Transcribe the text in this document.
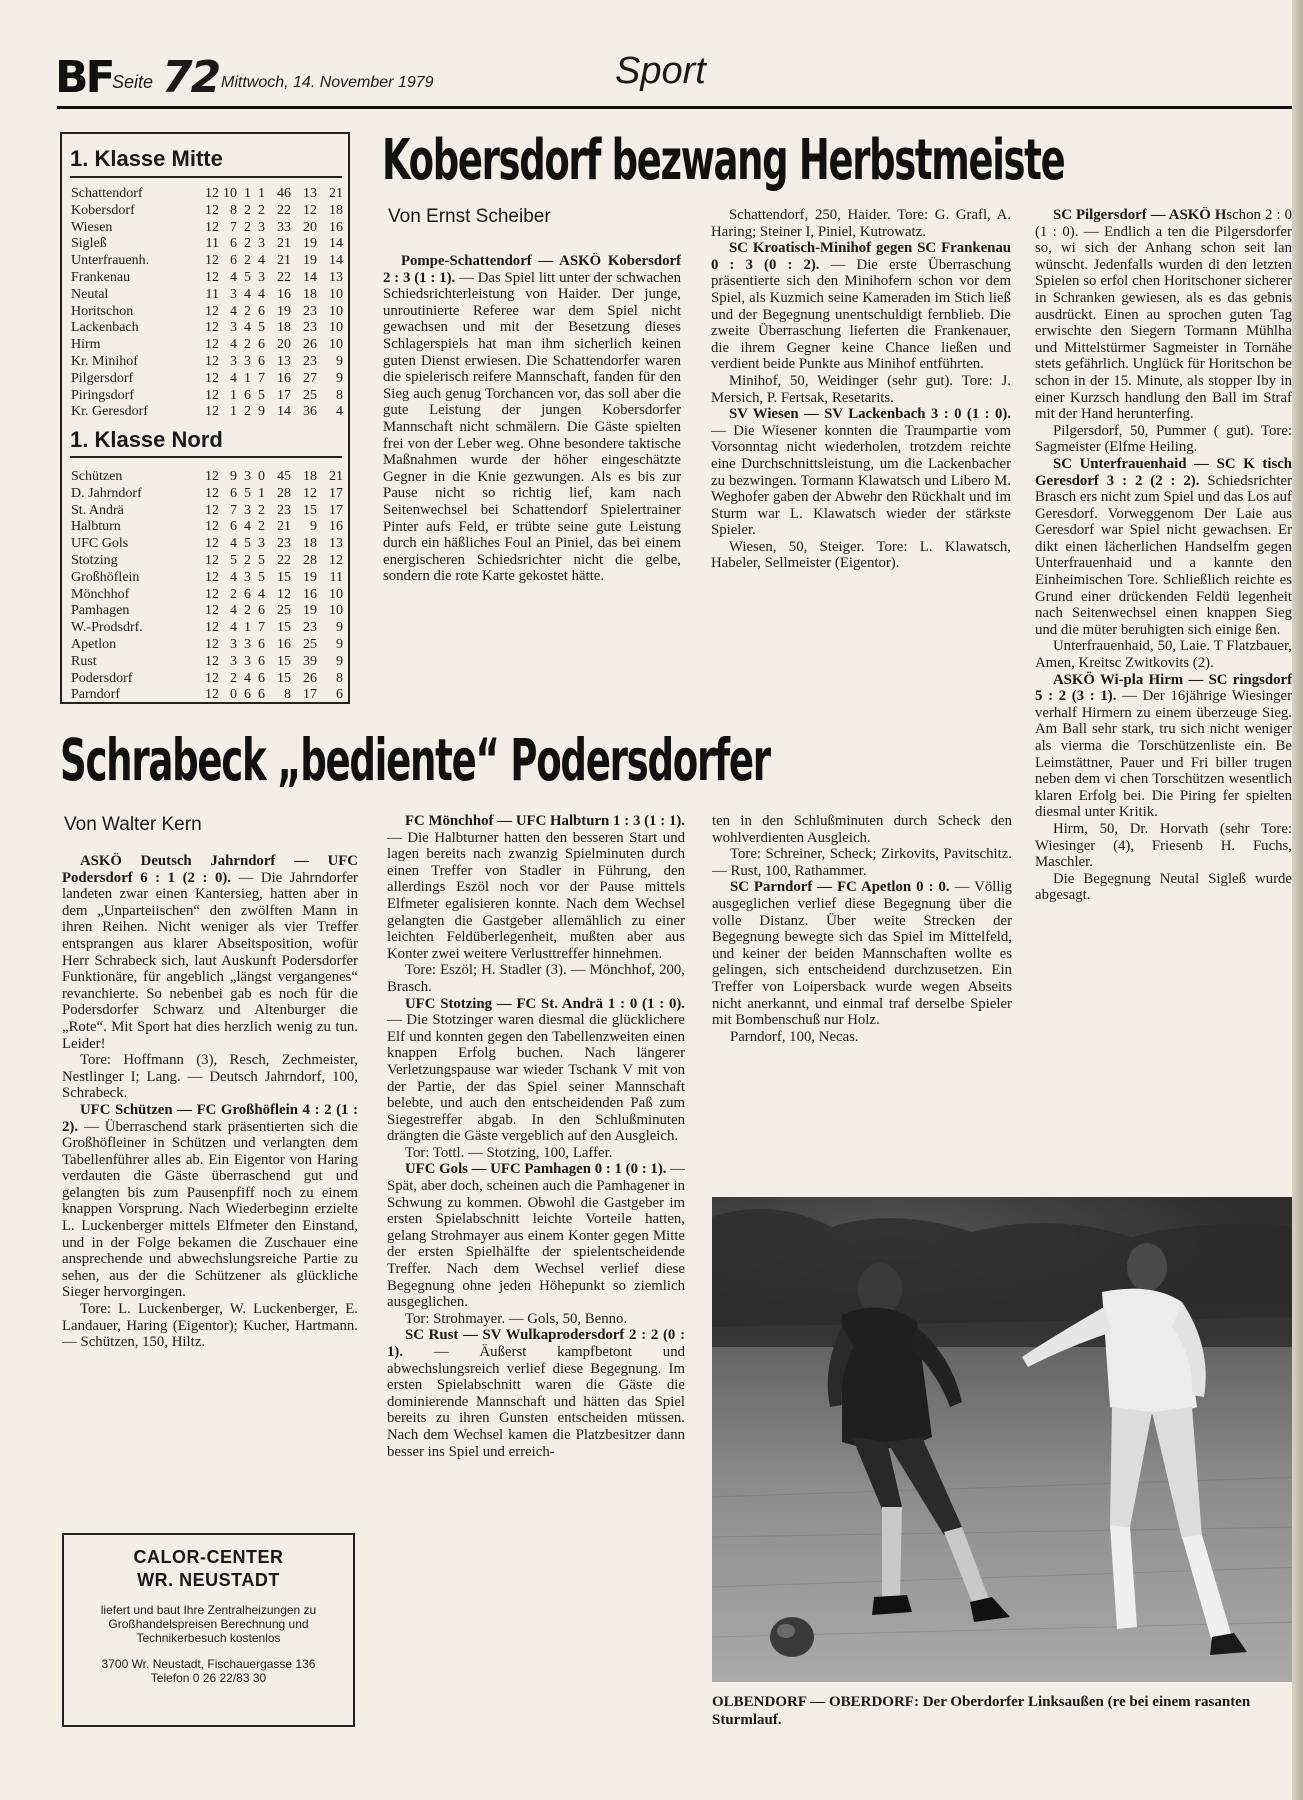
BF Seite 72 Mittwoch, 14. November 1979	Sport
1. Klasse Mitte
Schattendorf	12	10	1	1	46	13	21
Kobersdorf	12	8	2	2	22	12	18
Wiesen	12	7	2	3	33	20	16
Sigleß	11	6	2	3	21	19	14
Unterfrauenh.	12	6	2	4	21	19	14
Frankenau	12	4	5	3	22	14	13
Neutal	11	3	4	4	16	18	10
Horitschon	12	4	2	6	19	23	10
Lackenbach	12	3	4	5	18	23	10
Hirm	12	4	2	6	20	26	10
Kr. Minihof	12	3	3	6	13	23	9
Pilgersdorf	12	4	1	7	16	27	9
Piringsdorf	12	1	6	5	17	25	8
Kr. Geresdorf	12	1	2	9	14	36	4
1. Klasse Nord
Schützen	12	9	3	0	45	18	21
D. Jahrndorf	12	6	5	1	28	12	17
St. Andrä	12	7	3	2	23	15	17
Halbturn	12	6	4	2	21	9	16
UFC Gols	12	4	5	3	23	18	13
Stotzing	12	5	2	5	22	28	12
Großhöflein	12	4	3	5	15	19	11
Mönchhof	12	2	6	4	12	16	10
Pamhagen	12	4	2	6	25	19	10
W.-Prodsdrf.	12	4	1	7	15	23	9
Apetlon	12	3	3	6	16	25	9
Rust	12	3	3	6	15	39	9
Podersdorf	12	2	4	6	15	26	8
Parndorf	12	0	6	6	8	17	6
Kobersdorf bezwang Herbstmeiste
Von Ernst Scheiber

Pompe-Schattendorf — ASKÖ Kobersdorf 2 : 3 (1 : 1). — Das Spiel litt unter der schwachen Schiedsrichterleistung von Haider. Der junge, unroutinierte Referee war dem Spiel nicht gewachsen und mit der Besetzung dieses Schlagerspiels hat man ihm sicherlich keinen guten Dienst erwiesen. Die Schattendorfer waren die spielerisch reifere Mannschaft, fanden für den Sieg auch genug Torchancen vor, das soll aber die gute Leistung der jungen Kobersdorfer Mannschaft nicht schmälern. Die Gäste spielten frei von der Leber weg. Ohne besondere taktische Maßnahmen wurde der höher eingeschätzte Gegner in die Knie gezwungen. Als es bis zur Pause nicht so richtig lief, kam nach Seitenwechsel bei Schattendorf Spielertrainer Pinter aufs Feld, er trübte seine gute Leistung durch ein häßliches Foul an Piniel, das bei einem energischeren Schiedsrichter nicht die gelbe, sondern die rote Karte gekostet hätte.

Schattendorf, 250, Haider. Tore: G. Grafl, A. Haring; Steiner I, Piniel, Kutrowatz.

SC Kroatisch-Minihof gegen SC Frankenau 0 : 3 (0 : 2). — Die erste Überraschung präsentierte sich den Minihofern schon vor dem Spiel, als Kuzmich seine Kameraden im Stich ließ und der Begegnung unentschuldigt fernblieb. Die zweite Überraschung lieferten die Frankenauer, die ihrem Gegner keine Chance ließen und verdient beide Punkte aus Minihof entführten.

Minihof, 50, Weidinger (sehr gut). Tore: J. Mersich, P. Fertsak, Resetarits.

SV Wiesen — SV Lackenbach 3 : 0 (1 : 0). — Die Wiesener konnten die Traumpartie vom Vorsonntag nicht wiederholen, trotzdem reichte eine Durchschnittsleistung, um die Lackenbacher zu bezwingen. Tormann Klawatsch und Libero M. Weghofer gaben der Abwehr den Rückhalt und im Sturm war L. Klawatsch wieder der stärkste Spieler.

Wiesen, 50, Steiger. Tore: L. Klawatsch, Habeler, Sellmeister (Eigentor).

SC Pilgersdorf — ASKÖ Hschon 2 : 0 (1 : 0). — Endlich a ten die Pilgersdorfer so, wi sich der Anhang schon seit lan wünscht. Jedenfalls wurden di den letzten Spielen so erfol chen Horitschoner sicherer in Schranken gewiesen, als es das gebnis ausdrückt. Einen au sprochen guten Tag erwischte den Siegern Tormann Mühlha und Mittelstürmer Sagmeister in Tornähe stets gefährlich. Unglück für Horitschon be schon in der 15. Minute, als stopper Iby in einer Kurzsch handlung den Ball im Straf mit der Hand herunterfing.

Pilgersdorf, 50, Pummer ( gut). Tore: Sagmeister (Elfme Heiling.

SC Unterfrauenhaid — SC K tisch Geresdorf 3 : 2 (2 : 2). Schiedsrichter Brasch ers nicht zum Spiel und das Los auf Geresdorf. Vorweggenom Der Laie aus Geresdorf war Spiel nicht gewachsen. Er dikt einen lächerlichen Handselfm gegen Unterfrauenhaid und a kannte den Einheimischen Tore. Schließlich reichte es Grund einer drückenden Feldü legenheit nach Seitenwechsel einen knappen Sieg und die müter beruhigten sich einige ßen.

Unterfrauenhaid, 50, Laie. T Flatzbauer, Amen, Kreitsc Zwitkovits (2).

ASKÖ Wi-pla Hirm — SC ringsdorf 5 : 2 (3 : 1). — Der 16jährige Wiesinger verhalf Hirmern zu einem überzeuge Sieg. Am Ball sehr stark, tru sich nicht weniger als vierma die Torschützenliste ein. Be Leimstättner, Pauer und Fri biller trugen neben dem vi chen Torschützen wesentlich klaren Erfolg bei. Die Piring fer spielten diesmal unter Kritik.

Hirm, 50, Dr. Horvath (sehr Tore: Wiesinger (4), Friesenb H. Fuchs, Maschler.

Die Begegnung Neutal Sigleß wurde abgesagt.

Schrabeck „bediente“ Podersdorfer
Von Walter Kern

ASKÖ Deutsch Jahrndorf — UFC Podersdorf 6 : 1 (2 : 0). — Die Jahrndorfer landeten zwar einen Kantersieg, hatten aber in dem „Unparteiischen“ den zwölften Mann in ihren Reihen. Nicht weniger als vier Treffer entsprangen aus klarer Abseitsposition, wofür Herr Schrabeck sich, laut Auskunft Podersdorfer Funktionäre, für angeblich „längst vergangenes“ revanchierte. So nebenbei gab es noch für die Podersdorfer Schwarz und Altenburger die „Rote“. Mit Sport hat dies herzlich wenig zu tun. Leider!

Tore: Hoffmann (3), Resch, Zechmeister, Nestlinger I; Lang. — Deutsch Jahrndorf, 100, Schrabeck.

UFC Schützen — FC Großhöflein 4 : 2 (1 : 2). — Überraschend stark präsentierten sich die Großhöfleiner in Schützen und verlangten dem Tabellenführer alles ab. Ein Eigentor von Haring verdauten die Gäste überraschend gut und gelangten bis zum Pausenpfiff noch zu einem knappen Vorsprung. Nach Wiederbeginn erzielte L. Luckenberger mittels Elfmeter den Einstand, und in der Folge bekamen die Zuschauer eine ansprechende und abwechslungsreiche Partie zu sehen, aus der die Schützener als glückliche Sieger hervorgingen.

Tore: L. Luckenberger, W. Luckenberger, E. Landauer, Haring (Eigentor); Kucher, Hartmann. — Schützen, 150, Hiltz.

FC Mönchhof — UFC Halbturn 1 : 3 (1 : 1). — Die Halbturner hatten den besseren Start und lagen bereits nach zwanzig Spielminuten durch einen Treffer von Stadler in Führung, den allerdings Eszöl noch vor der Pause mittels Elfmeter egalisieren konnte. Nach dem Wechsel gelangten die Gastgeber allemählich zu einer leichten Feldüberlegenheit, mußten aber aus Konter zwei weitere Verlusttreffer hinnehmen.

Tore: Eszöl; H. Stadler (3). — Mönchhof, 200, Brasch.

UFC Stotzing — FC St. Andrä 1 : 0 (1 : 0). — Die Stotzinger waren diesmal die glücklichere Elf und konnten gegen den Tabellenzweiten einen knappen Erfolg buchen. Nach längerer Verletzungspause war wieder Tschank V mit von der Partie, der das Spiel seiner Mannschaft belebte, und auch den entscheidenden Paß zum Siegestreffer abgab. In den Schlußminuten drängten die Gäste vergeblich auf den Ausgleich.

Tor: Tottl. — Stotzing, 100, Laffer.

UFC Gols — UFC Pamhagen 0 : 1 (0 : 1). — Spät, aber doch, scheinen auch die Pamhagener in Schwung zu kommen. Obwohl die Gastgeber im ersten Spielabschnitt leichte Vorteile hatten, gelang Strohmayer aus einem Konter gegen Mitte der ersten Spielhälfte der spielentscheidende Treffer. Nach dem Wechsel verlief diese Begegnung ohne jeden Höhepunkt so ziemlich ausgeglichen.

Tor: Strohmayer. — Gols, 50, Benno.

SC Rust — SV Wulkaprodersdorf 2 : 2 (0 : 1). — Äußerst kampfbetont und abwechslungsreich verlief diese Begegnung. Im ersten Spielabschnitt waren die Gäste die dominierende Mannschaft und hätten das Spiel bereits zu ihren Gunsten entscheiden müssen. Nach dem Wechsel kamen die Platzbesitzer dann besser ins Spiel und erreich-

ten in den Schlußminuten durch Scheck den wohlverdienten Ausgleich.

Tore: Schreiner, Scheck; Zirkovits, Pavitschitz. — Rust, 100, Rathammer.

SC Parndorf — FC Apetlon 0 : 0. — Völlig ausgeglichen verlief diese Begegnung über die volle Distanz. Über weite Strecken der Begegnung bewegte sich das Spiel im Mittelfeld, und keiner der beiden Mannschaften wollte es gelingen, sich entscheidend durchzusetzen. Ein Treffer von Loipersback wurde wegen Abseits nicht anerkannt, und einmal traf derselbe Spieler mit Bombenschuß nur Holz.

Parndorf, 100, Necas.

CALOR-CENTER
WR. NEUSTADT
liefert und baut Ihre Zentralheizungen zu Großhandelspreisen Berechnung und Technikerbesuch kostenlos
3700 Wr. Neustadt, Fischauergasse 136
Telefon 0 26 22/83 30
OLBENDORF — OBERDORF: Der Oberdorfer Linksaußen (re bei einem rasanten Sturmlauf.
